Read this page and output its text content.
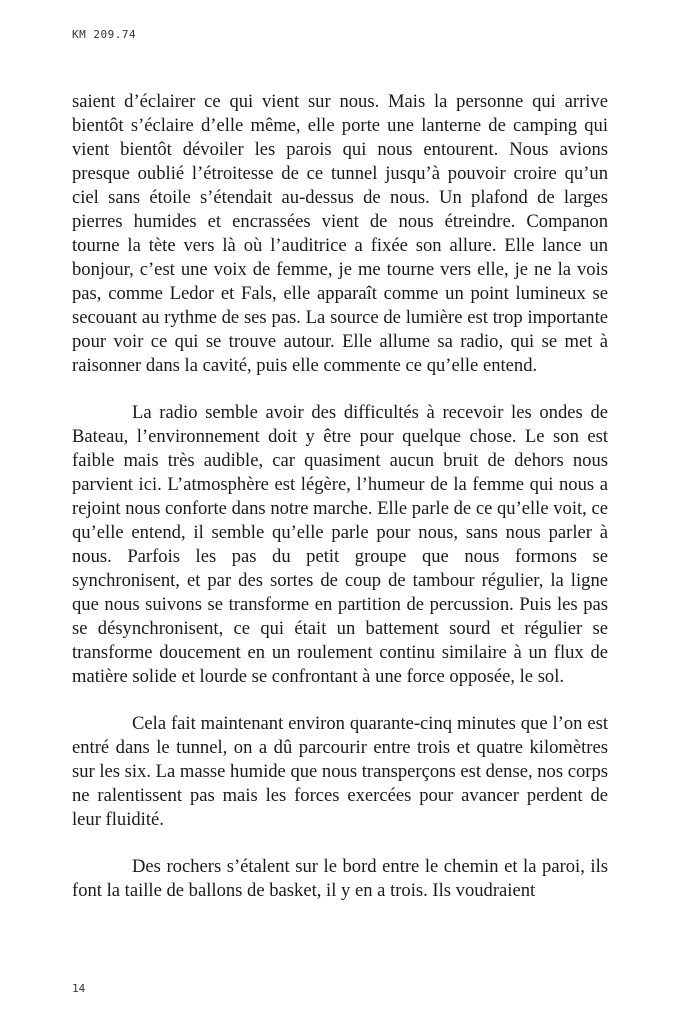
KM 209.74

saient d’éclairer ce qui vient sur nous. Mais la personne qui arrive bientôt s’éclaire d’elle même, elle porte une lanterne de camping qui vient bientôt dévoiler les parois qui nous entourent. Nous avions presque oublié l’étroitesse de ce tunnel jusqu’à pouvoir croire qu’un ciel sans étoile s’étendait au-dessus de nous. Un plafond de larges pierres humides et encrassées vient de nous étreindre. Companon tourne la tète vers là où l’auditrice a fixée son allure. Elle lance un bonjour, c’est une voix de femme, je me tourne vers elle, je ne la vois pas, comme Ledor et Fals, elle apparaît comme un point lumineux se secouant au rythme de ses pas. La source de lumière est trop importante pour voir ce qui se trouve autour. Elle allume sa radio, qui se met à raisonner dans la cavité, puis elle commente ce qu’elle entend.

La radio semble avoir des difficultés à recevoir les ondes de Bateau, l’environnement doit y être pour quelque chose. Le son est faible mais très audible, car quasiment aucun bruit de dehors nous parvient ici. L’atmosphère est légère, l’humeur de la femme qui nous a rejoint nous conforte dans notre marche. Elle parle de ce qu’elle voit, ce qu’elle entend, il semble qu’elle parle pour nous, sans nous parler à nous. Parfois les pas du petit groupe que nous formons se synchronisent, et par des sortes de coup de tambour régulier, la ligne que nous suivons se transforme en partition de percussion. Puis les pas se désynchronisent, ce qui était un battement sourd et régulier se transforme doucement en un roulement continu similaire à un flux de matière solide et lourde se confrontant à une force opposée, le sol.

Cela fait maintenant environ quarante-cinq minutes que l’on est entré dans le tunnel, on a dû parcourir entre trois et quatre kilomètres sur les six. La masse humide que nous transperçons est dense, nos corps ne ralentissent pas mais les forces exercées pour avancer perdent de leur fluidité.

Des rochers s’étalent sur le bord entre le chemin et la paroi, ils font la taille de ballons de basket, il y en a trois. Ils voudraient

14
